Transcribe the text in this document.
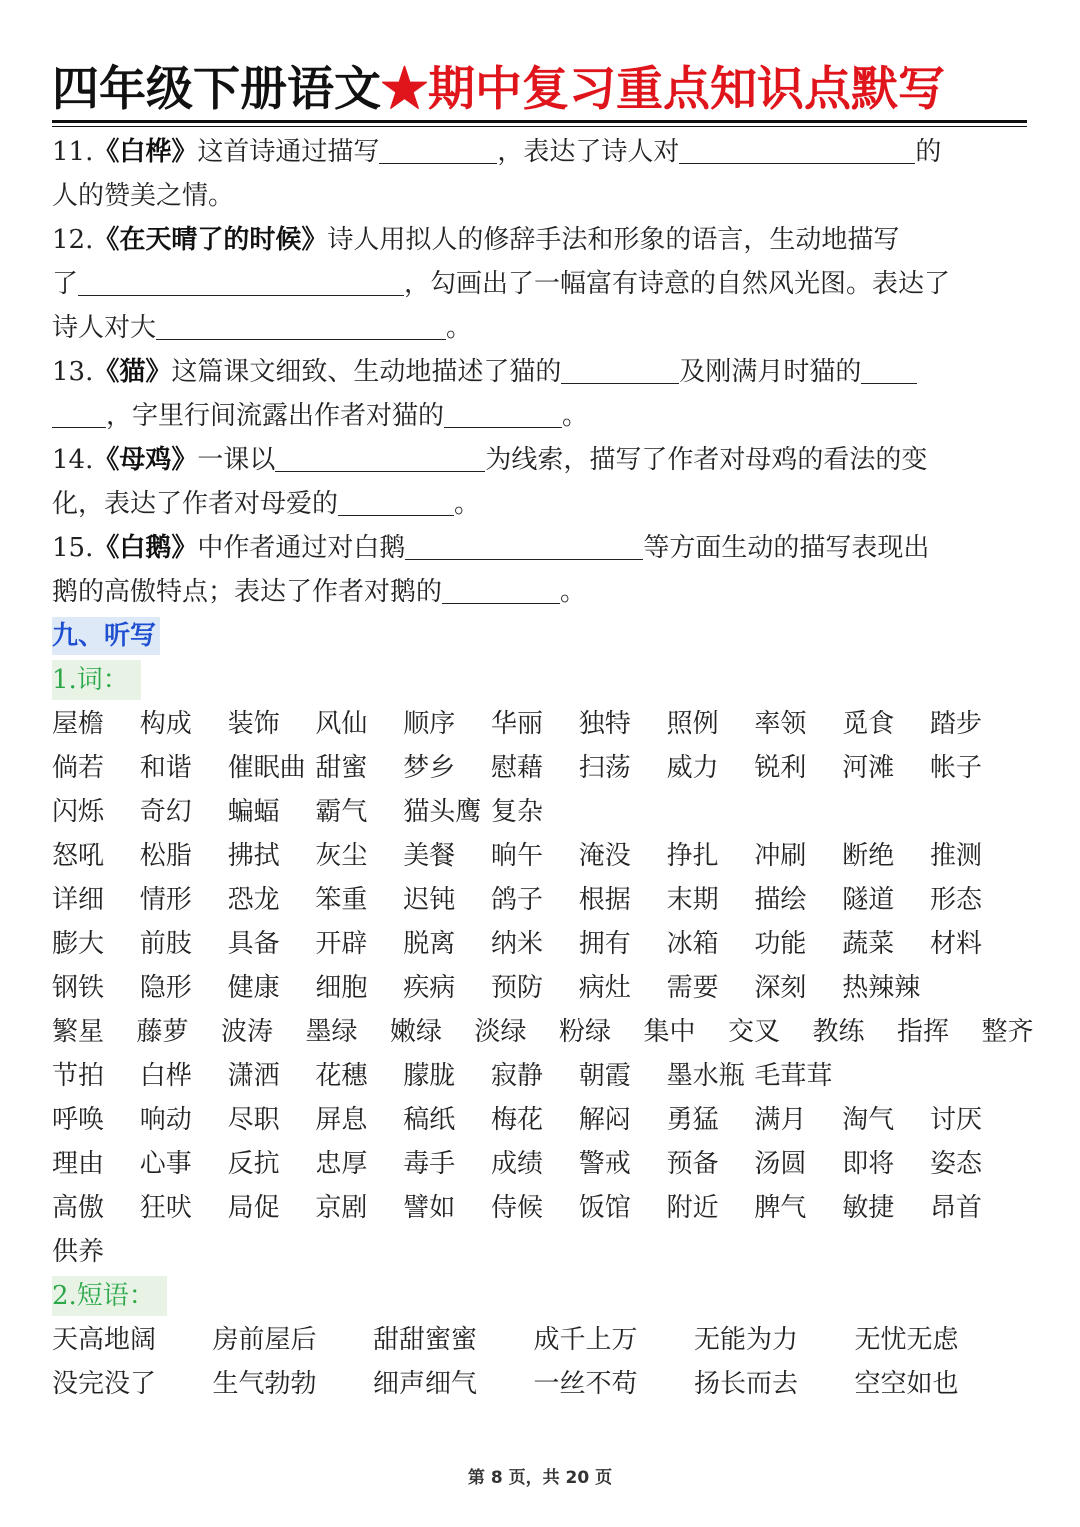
四年级下册语文★期中复习重点知识点默写
11.《白桦》这首诗通过描写	，表达了诗人对	的
人的赞美之情。
12.《在天晴了的时候》诗人用拟人的修辞手法和形象的语言，生动地描写
了	，勾画出了一幅富有诗意的自然风光图。表达了
诗人对大	。
13.《猫》这篇课文细致、生动地描述了猫的	及刚满月时猫的
，字里行间流露出作者对猫的	。
14.《母鸡》一课以	为线索，描写了作者对母鸡的看法的变
化，表达了作者对母爱的	。
15.《白鹅》中作者通过对白鹅	等方面生动的描写表现出
鹅的高傲特点；表达了作者对鹅的	。
九、听写
1.词：
屋檐 构成 装饰 风仙 顺序 华丽 独特 照例 率领 觅食 踏步
倘若 和谐 催眠曲 甜蜜 梦乡 慰藉 扫荡 威力 锐利 河滩 帐子
闪烁 奇幻 蝙蝠 霸气 猫头鹰 复杂
怒吼 松脂 拂拭 灰尘 美餐 晌午 淹没 挣扎 冲刷 断绝 推测
详细 情形 恐龙 笨重 迟钝 鸽子 根据 末期 描绘 隧道 形态
膨大 前肢 具备 开辟 脱离 纳米 拥有 冰箱 功能 蔬菜 材料
钢铁 隐形 健康 细胞 疾病 预防 病灶 需要 深刻 热辣辣
繁星 藤萝 波涛 墨绿 嫩绿 淡绿 粉绿 集中 交叉 教练 指挥 整齐
节拍 白桦 潇洒 花穗 朦胧 寂静 朝霞 墨水瓶 毛茸茸
呼唤 响动 尽职 屏息 稿纸 梅花 解闷 勇猛 满月 淘气 讨厌
理由 心事 反抗 忠厚 毒手 成绩 警戒 预备 汤圆 即将 姿态
高傲 狂吠 局促 京剧 譬如 侍候 饭馆 附近 脾气 敏捷 昂首
供养
2.短语：
天高地阔 房前屋后 甜甜蜜蜜 成千上万 无能为力 无忧无虑
没完没了 生气勃勃 细声细气 一丝不苟 扬长而去 空空如也
第 8 页，共 20 页
